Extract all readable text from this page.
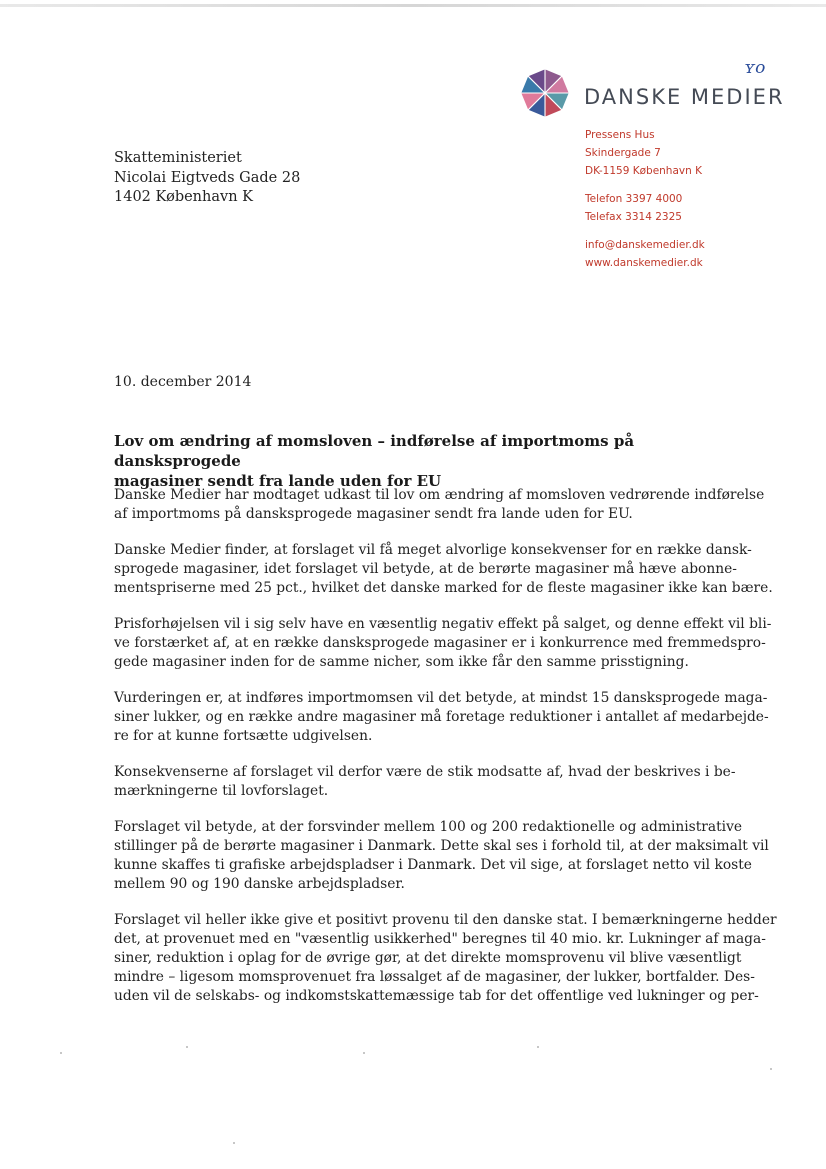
DANSKE MEDIER
ʏo
Pressens Hus
Skindergade 7
DK-1159 København K
Telefon 3397 4000
Telefax 3314 2325
info@danskemedier.dk
www.danskemedier.dk
Skatteministeriet
Nicolai Eigtveds Gade 28
1402 København K
10. december 2014
Lov om ændring af momsloven – indførelse af importmoms på dansksprogede
magasiner sendt fra lande uden for EU

Danske Medier har modtaget udkast til lov om ændring af momsloven vedrørende indførelse
af importmoms på dansksprogede magasiner sendt fra lande uden for EU.

Danske Medier finder, at forslaget vil få meget alvorlige konsekvenser for en række dansk-
sprogede magasiner, idet forslaget vil betyde, at de berørte magasiner må hæve abonne-
mentspriserne med 25 pct., hvilket det danske marked for de fleste magasiner ikke kan bære.

Prisforhøjelsen vil i sig selv have en væsentlig negativ effekt på salget, og denne effekt vil bli-
ve forstærket af, at en række dansksprogede magasiner er i konkurrence med fremmedspro-
gede magasiner inden for de samme nicher, som ikke får den samme prisstigning.

Vurderingen er, at indføres importmomsen vil det betyde, at mindst 15 dansksprogede maga-
siner lukker, og en række andre magasiner må foretage reduktioner i antallet af medarbejde-
re for at kunne fortsætte udgivelsen.

Konsekvenserne af forslaget vil derfor være de stik modsatte af, hvad der beskrives i be-
mærkningerne til lovforslaget.

Forslaget vil betyde, at der forsvinder mellem 100 og 200 redaktionelle og administrative
stillinger på de berørte magasiner i Danmark. Dette skal ses i forhold til, at der maksimalt vil
kunne skaffes ti grafiske arbejdspladser i Danmark. Det vil sige, at forslaget netto vil koste
mellem 90 og 190 danske arbejdspladser.

Forslaget vil heller ikke give et positivt provenu til den danske stat. I bemærkningerne hedder
det, at provenuet med en "væsentlig usikkerhed" beregnes til 40 mio. kr. Lukninger af maga-
siner, reduktion i oplag for de øvrige gør, at det direkte momsprovenu vil blive væsentligt
mindre – ligesom momsprovenuet fra løssalget af de magasiner, der lukker, bortfalder. Des-
uden vil de selskabs- og indkomstskattemæssige tab for det offentlige ved lukninger og per-
